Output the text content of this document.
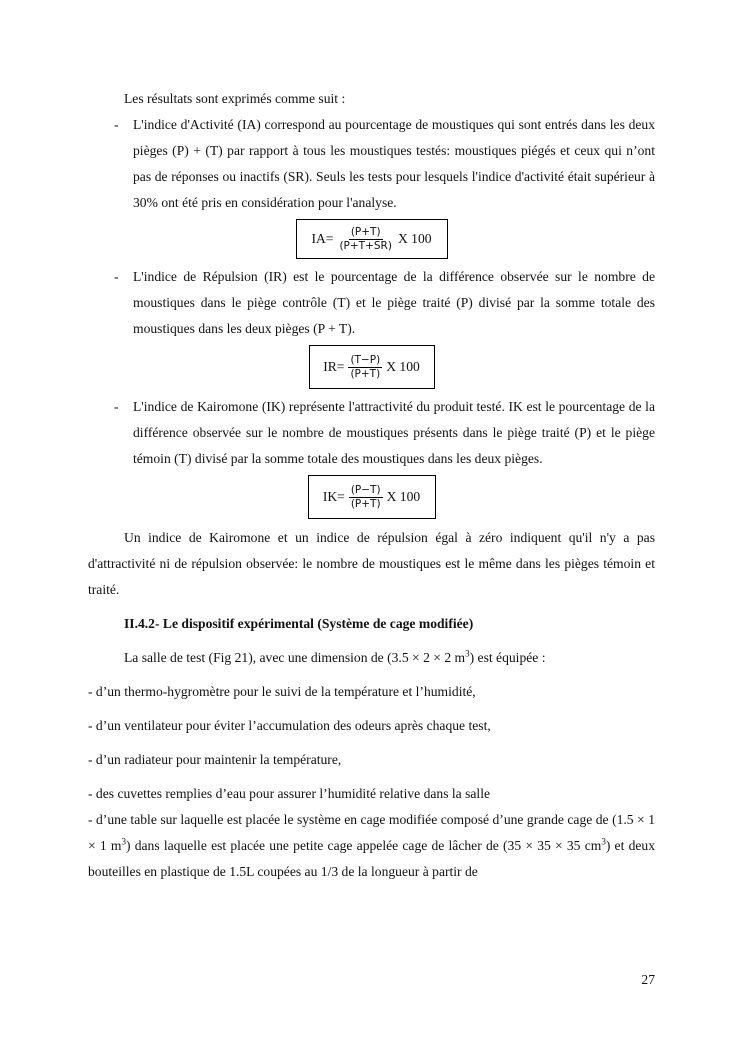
Les résultats sont exprimés comme suit :

- L'indice d'Activité (IA) correspond au pourcentage de moustiques qui sont entrés dans les deux pièges (P) + (T) par rapport à tous les moustiques testés: moustiques piégés et ceux qui n’ont pas de réponses ou inactifs (SR). Seuls les tests pour lesquels l'indice d'activité était supérieur à 30% ont été pris en considération pour l'analyse.
$IA= \frac{(P+T)}{(P+T+SR)}$ X 100
- L'indice de Répulsion (IR) est le pourcentage de la différence observée sur le nombre de moustiques dans le piège contrôle (T) et le piège traité (P) divisé par la somme totale des moustiques dans les deux pièges (P + T).
$IR= \frac{(T-P)}{(P+T)}$ X 100
- L'indice de Kairomone (IK) représente l'attractivité du produit testé. IK est le pourcentage de la différence observée sur le nombre de moustiques présents dans le piège traité (P) et le piège témoin (T) divisé par la somme totale des moustiques dans les deux pièges.
$IK= \frac{(P-T)}{(P+T)}$ X 100

Un indice de Kairomone et un indice de répulsion égal à zéro indiquent qu'il n'y a pas d'attractivité ni de répulsion observée: le nombre de moustiques est le même dans les pièges témoin et traité.

II.4.2- Le dispositif expérimental (Système de cage modifiée)

La salle de test (Fig 21), avec une dimension de (3.5 × 2 × 2 $m^3$) est équipée :

- d’un thermo-hygromètre pour le suivi de la température et l’humidité,

- d’un ventilateur pour éviter l’accumulation des odeurs après chaque test,

- d’un radiateur pour maintenir la température,

- des cuvettes remplies d’eau pour assurer l’humidité relative dans la salle

- d’une table sur laquelle est placée le système en cage modifiée composé d’une grande cage de (1.5 × 1 × 1 $m^3$) dans laquelle est placée une petite cage appelée cage de lâcher de (35 × 35 × 35 $cm^3$) et deux bouteilles en plastique de 1.5L coupées au 1/3 de la longueur à partir de

27
